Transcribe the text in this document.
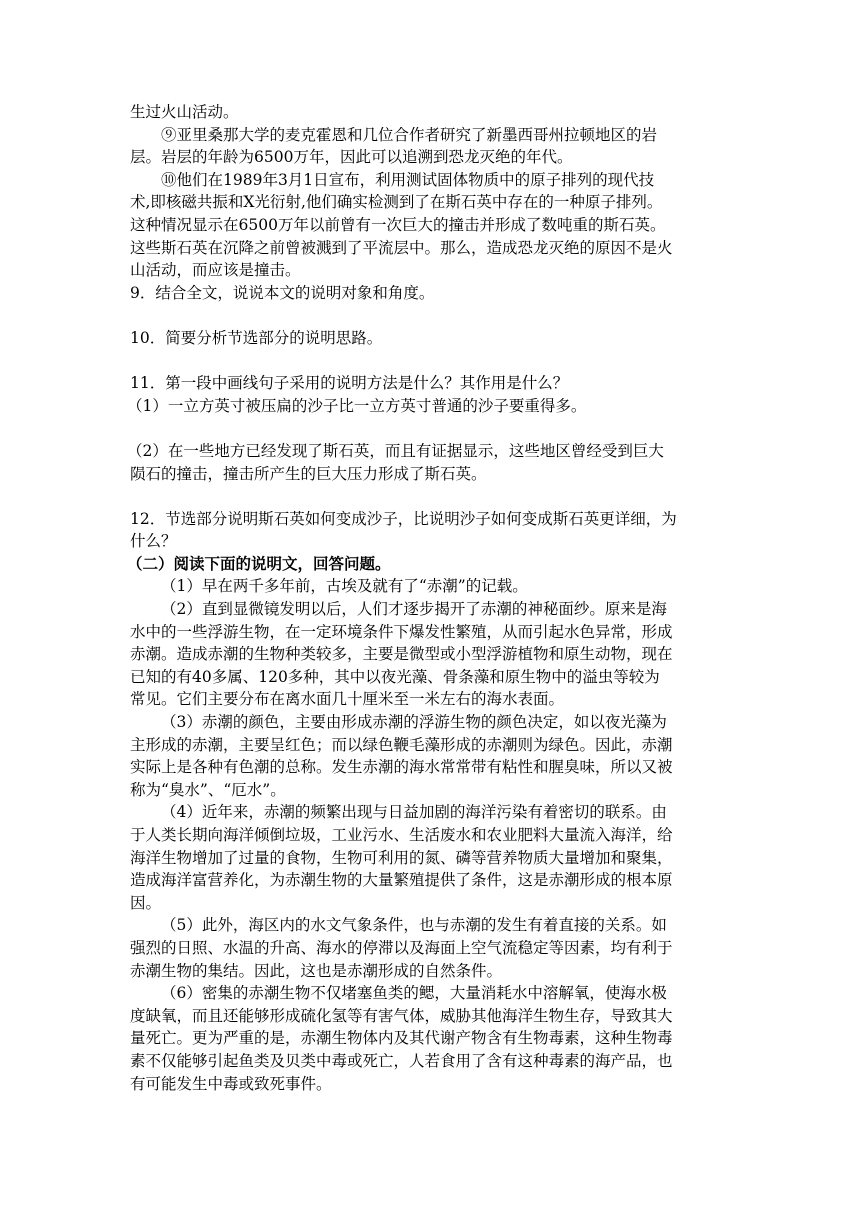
生过火山活动。
⑨亚里桑那大学的麦克霍恩和几位合作者研究了新墨西哥州拉顿地区的岩
层。岩层的年龄为6500万年，因此可以追溯到恐龙灭绝的年代。
⑩他们在1989年3月1日宣布，利用测试固体物质中的原子排列的现代技
术,即核磁共振和X光衍射,他们确实检测到了在斯石英中存在的一种原子排列。
这种情况显示在6500万年以前曾有一次巨大的撞击并形成了数吨重的斯石英。
这些斯石英在沉降之前曾被溅到了平流层中。那么，造成恐龙灭绝的原因不是火
山活动，而应该是撞击。
9．结合全文，说说本文的说明对象和角度。
10．简要分析节选部分的说明思路。
11．第一段中画线句子采用的说明方法是什么？其作用是什么？
（1）一立方英寸被压扁的沙子比一立方英寸普通的沙子要重得多。
（2）在一些地方已经发现了斯石英，而且有证据显示，这些地区曾经受到巨大
陨石的撞击，撞击所产生的巨大压力形成了斯石英。
12．节选部分说明斯石英如何变成沙子，比说明沙子如何变成斯石英更详细，为
什么？
（二）阅读下面的说明文，回答问题。
（1）早在两千多年前，古埃及就有了“赤潮”的记载。
（2）直到显微镜发明以后，人们才逐步揭开了赤潮的神秘面纱。原来是海
水中的一些浮游生物，在一定环境条件下爆发性繁殖，从而引起水色异常，形成
赤潮。造成赤潮的生物种类较多，主要是微型或小型浮游植物和原生动物，现在
已知的有40多属、120多种，其中以夜光藻、骨条藻和原生物中的溢虫等较为
常见。它们主要分布在离水面几十厘米至一米左右的海水表面。
（3）赤潮的颜色，主要由形成赤潮的浮游生物的颜色决定，如以夜光藻为
主形成的赤潮，主要呈红色；而以绿色鞭毛藻形成的赤潮则为绿色。因此，赤潮
实际上是各种有色潮的总称。发生赤潮的海水常常带有粘性和腥臭味，所以又被
称为“臭水”、“厄水”。
（4）近年来，赤潮的频繁出现与日益加剧的海洋污染有着密切的联系。由
于人类长期向海洋倾倒垃圾，工业污水、生活废水和农业肥料大量流入海洋，给
海洋生物增加了过量的食物，生物可利用的氮、磷等营养物质大量增加和聚集，
造成海洋富营养化，为赤潮生物的大量繁殖提供了条件，这是赤潮形成的根本原
因。
（5）此外，海区内的水文气象条件，也与赤潮的发生有着直接的关系。如
强烈的日照、水温的升高、海水的停滞以及海面上空气流稳定等因素，均有利于
赤潮生物的集结。因此，这也是赤潮形成的自然条件。
（6）密集的赤潮生物不仅堵塞鱼类的鳃，大量消耗水中溶解氧，使海水极
度缺氧，而且还能够形成硫化氢等有害气体，威胁其他海洋生物生存，导致其大
量死亡。更为严重的是，赤潮生物体内及其代谢产物含有生物毒素，这种生物毒
素不仅能够引起鱼类及贝类中毒或死亡，人若食用了含有这种毒素的海产品，也
有可能发生中毒或致死事件。
